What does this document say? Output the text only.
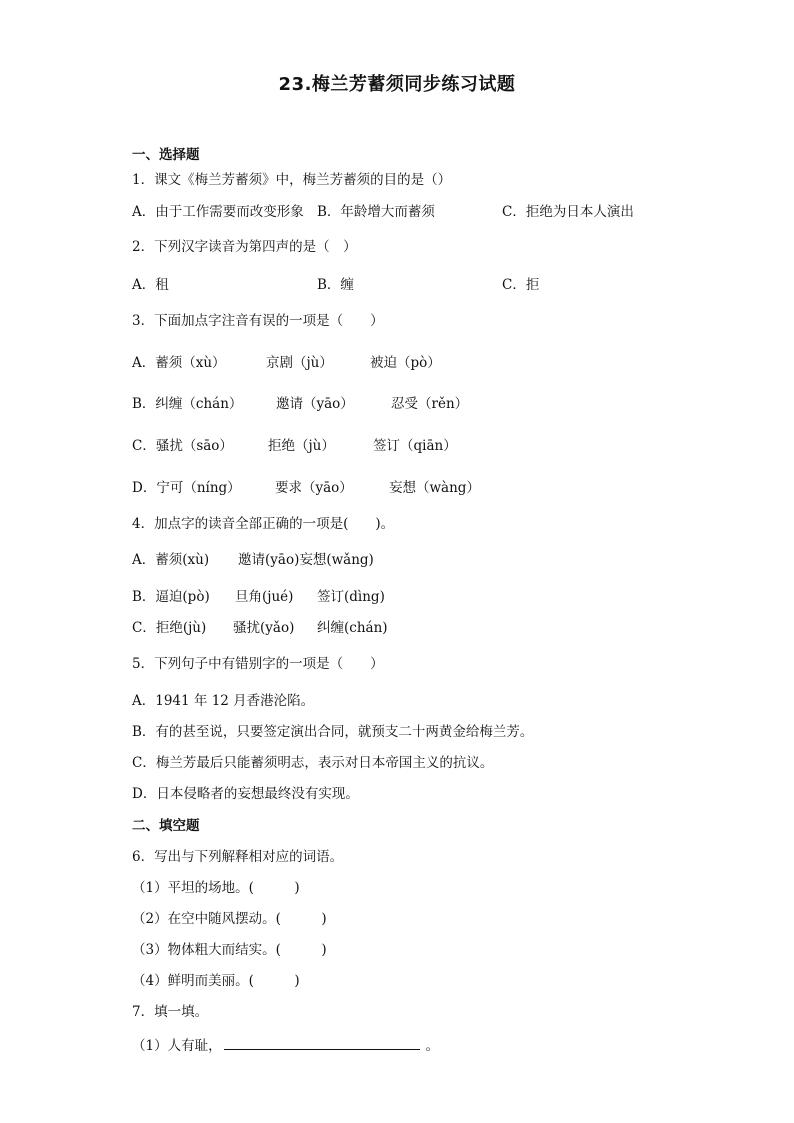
23.梅兰芳蓄须同步练习试题
一、选择题
1．课文《梅兰芳蓄须》中，梅兰芳蓄须的目的是（）
A．由于工作需要而改变形象 B．年龄增大而蓄须	C．拒绝为日本人演出
2．下列汉字读音为第四声的是（　）
A．租	B．缠	C．拒
3．下面加点字注音有误的一项是（　　）
A．蓄须（xù）	京剧（jù）	被迫（pò）
B．纠缠（chán） 邀请（yāo）	忍受（rěn）
C．骚扰（sāo）	拒绝（jù）	签订（qiān）
D．宁可（níng）	要求（yāo）	妄想（wàng）
4．加点字的读音全部正确的一项是(　　)。
A．蓄须(xù) 邀请(yāo)妄想(wǎng)
B．逼迫(pò) 旦角(jué) 签订(dìng)
C．拒绝(jù) 骚扰(yǎo) 纠缠(chán)
5．下列句子中有错别字的一项是（　　）
A．1941 年 12 月香港沦陷。
B．有的甚至说，只要签定演出合同，就预支二十两黄金给梅兰芳。
C．梅兰芳最后只能蓄须明志，表示对日本帝国主义的抗议。
D．日本侵略者的妄想最终没有实现。
二、填空题
6．写出与下列解释相对应的词语。
（1）平坦的场地。(　　　)
（2）在空中随风摆动。(　　　)
（3）物体粗大而结实。(　　　)
（4）鲜明而美丽。(　　　)
7．填一填。
（1）人有耻，	。
